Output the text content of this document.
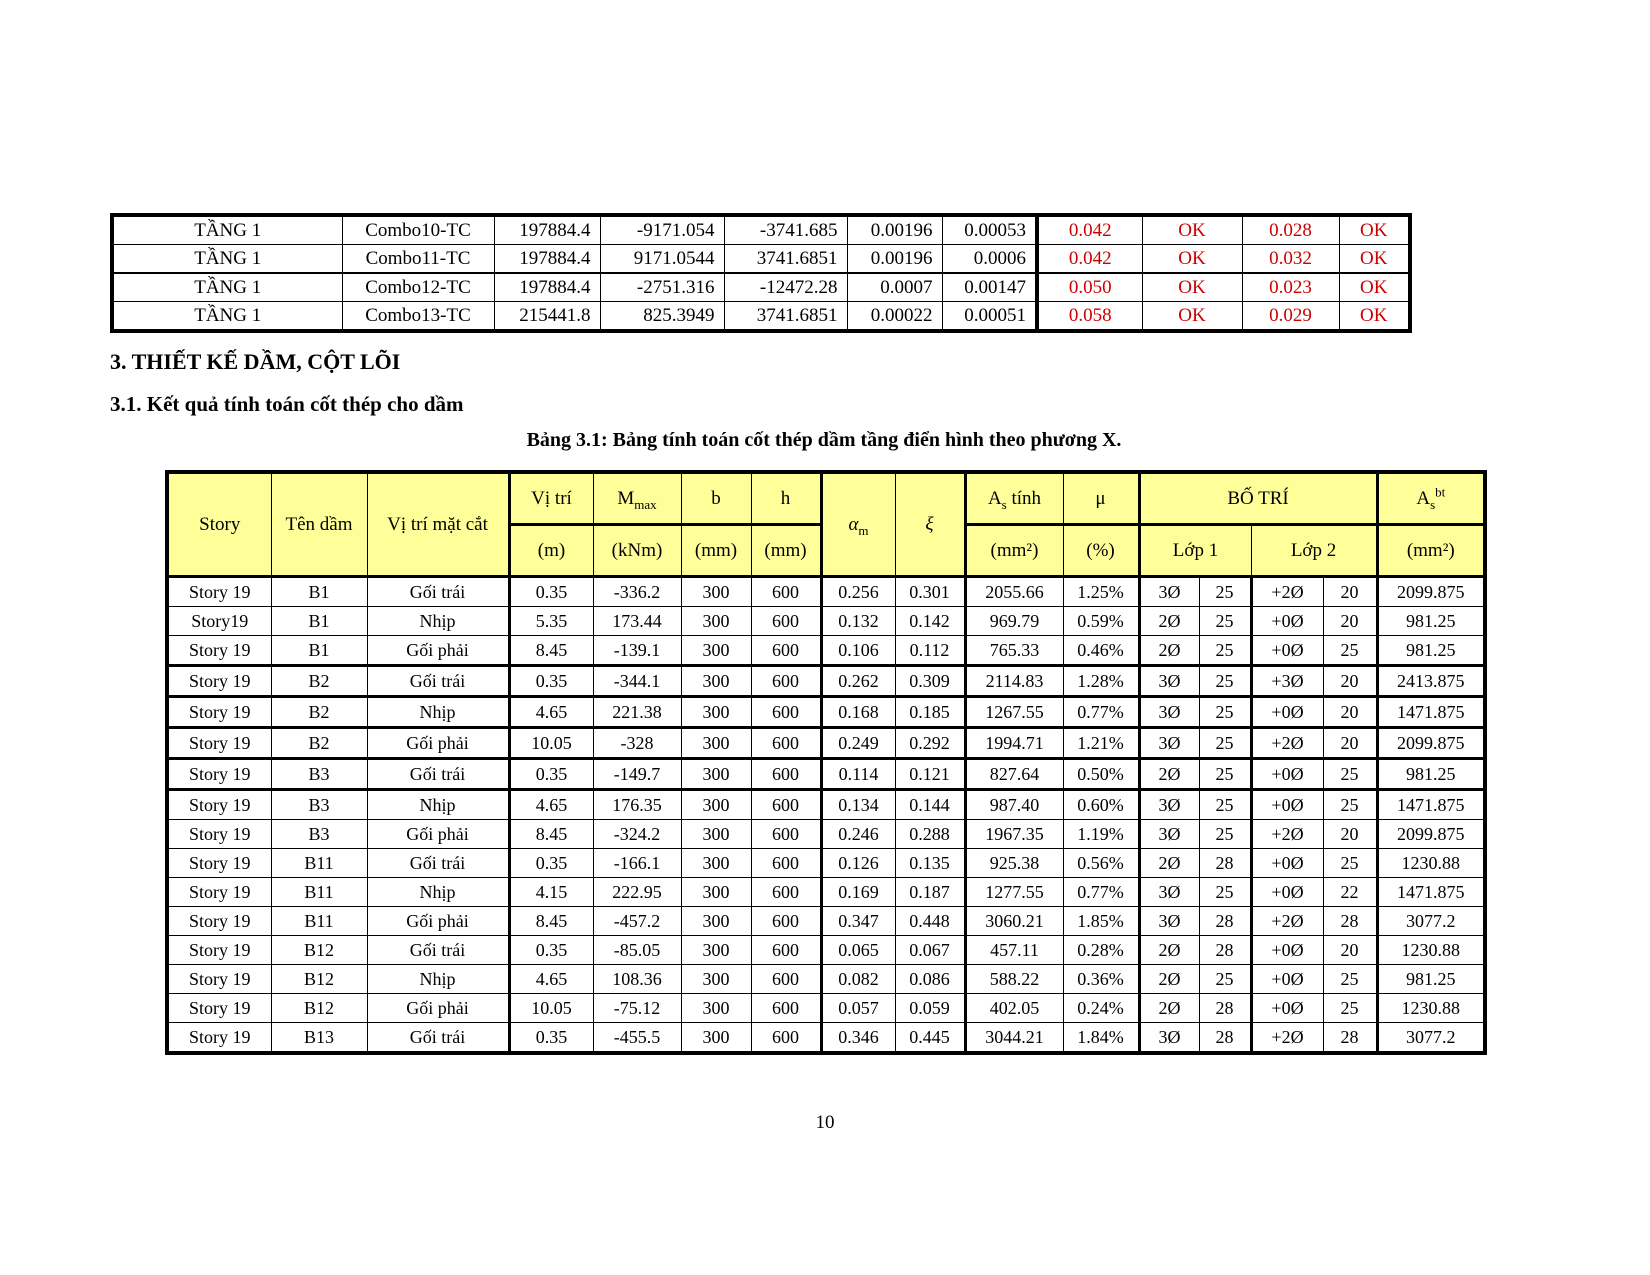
TẦNG 1	Combo10-TC	197884.4	-9171.054	-3741.685	0.00196	0.00053	0.042	OK	0.028	OK
TẦNG 1	Combo11-TC	197884.4	9171.0544	3741.6851	0.00196	0.0006	0.042	OK	0.032	OK
TẦNG 1	Combo12-TC	197884.4	-2751.316	-12472.28	0.0007	0.00147	0.050	OK	0.023	OK
TẦNG 1	Combo13-TC	215441.8	825.3949	3741.6851	0.00022	0.00051	0.058	OK	0.029	OK
3. THIẾT KẾ DẦM, CỘT LÕI
3.1. Kết quả tính toán cốt thép cho dầm
Bảng 3.1: Bảng tính toán cốt thép dầm tầng điển hình theo phương X.
Story	Tên dầm	Vị trí mặt cắt	Vị trí	$M_{max}$	b	h	$\alpha_m$	ξ	$A_s$ tính	μ	BỐ TRÍ				$A_s^{bt}$
			(m)	(kNm)	(mm)	(mm)			(mm²)	(%)	Lớp 1		Lớp 2		(mm²)
Story 19	B1	Gối trái	0.35	-336.2	300	600	0.256	0.301	2055.66	1.25%	3Ø	25	+2Ø	20	2099.875
Story19	B1	Nhịp	5.35	173.44	300	600	0.132	0.142	969.79	0.59%	2Ø	25	+0Ø	20	981.25
Story 19	B1	Gối phải	8.45	-139.1	300	600	0.106	0.112	765.33	0.46%	2Ø	25	+0Ø	25	981.25
Story 19	B2	Gối trái	0.35	-344.1	300	600	0.262	0.309	2114.83	1.28%	3Ø	25	+3Ø	20	2413.875
Story 19	B2	Nhịp	4.65	221.38	300	600	0.168	0.185	1267.55	0.77%	3Ø	25	+0Ø	20	1471.875
Story 19	B2	Gối phải	10.05	-328	300	600	0.249	0.292	1994.71	1.21%	3Ø	25	+2Ø	20	2099.875
Story 19	B3	Gối trái	0.35	-149.7	300	600	0.114	0.121	827.64	0.50%	2Ø	25	+0Ø	25	981.25
Story 19	B3	Nhịp	4.65	176.35	300	600	0.134	0.144	987.40	0.60%	3Ø	25	+0Ø	25	1471.875
Story 19	B3	Gối phải	8.45	-324.2	300	600	0.246	0.288	1967.35	1.19%	3Ø	25	+2Ø	20	2099.875
Story 19	B11	Gối trái	0.35	-166.1	300	600	0.126	0.135	925.38	0.56%	2Ø	28	+0Ø	25	1230.88
Story 19	B11	Nhịp	4.15	222.95	300	600	0.169	0.187	1277.55	0.77%	3Ø	25	+0Ø	22	1471.875
Story 19	B11	Gối phải	8.45	-457.2	300	600	0.347	0.448	3060.21	1.85%	3Ø	28	+2Ø	28	3077.2
Story 19	B12	Gối trái	0.35	-85.05	300	600	0.065	0.067	457.11	0.28%	2Ø	28	+0Ø	20	1230.88
Story 19	B12	Nhịp	4.65	108.36	300	600	0.082	0.086	588.22	0.36%	2Ø	25	+0Ø	25	981.25
Story 19	B12	Gối phải	10.05	-75.12	300	600	0.057	0.059	402.05	0.24%	2Ø	28	+0Ø	25	1230.88
Story 19	B13	Gối trái	0.35	-455.5	300	600	0.346	0.445	3044.21	1.84%	3Ø	28	+2Ø	28	3077.2
10
